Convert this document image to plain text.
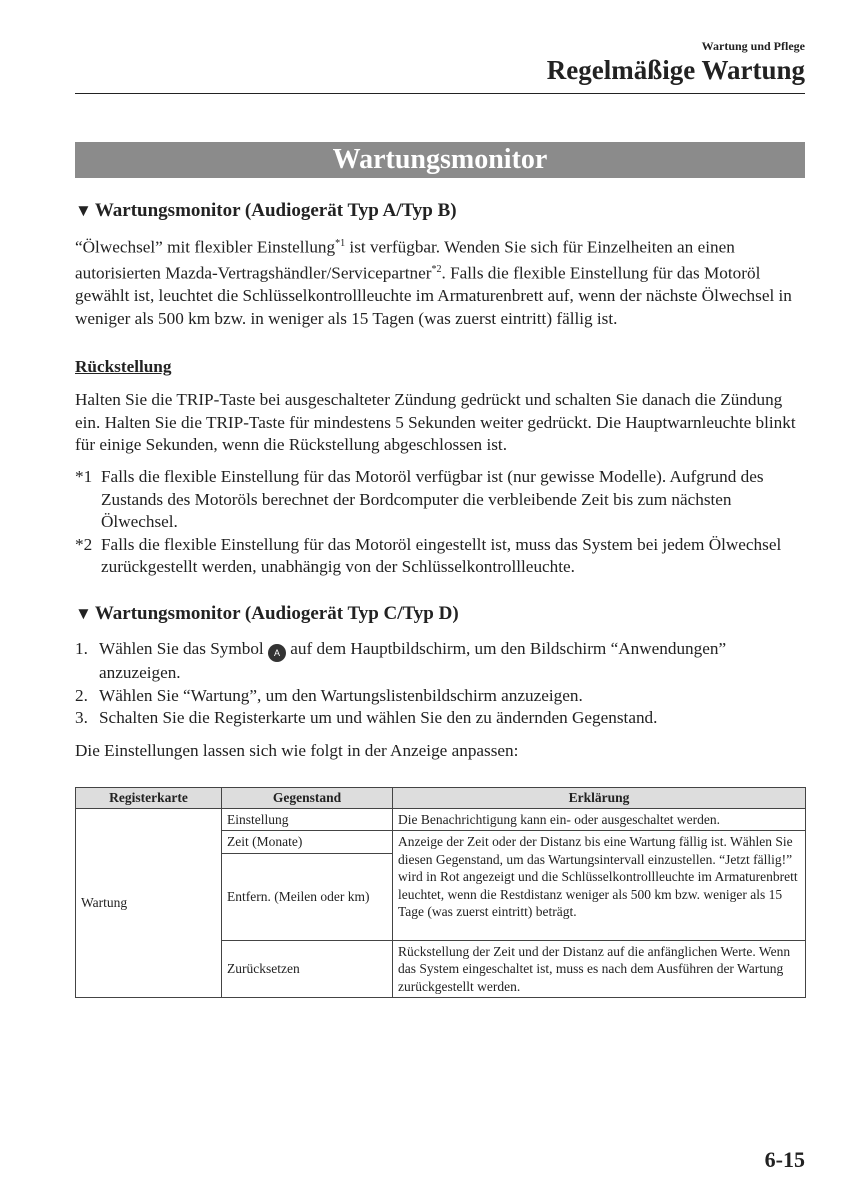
Wartung und Pflege
Regelmäßige Wartung
Wartungsmonitor
▼ Wartungsmonitor (Audiogerät Typ A/Typ B)
“Ölwechsel” mit flexibler Einstellung$^{*1}$ ist verfügbar. Wenden Sie sich für Einzelheiten an einen autorisierten Mazda-Vertragshändler/Servicepartner$^{*2}$. Falls die flexible Einstellung für das Motoröl gewählt ist, leuchtet die Schlüsselkontrollleuchte im Armaturenbrett auf, wenn der nächste Ölwechsel in weniger als 500 km bzw. in weniger als 15 Tagen (was zuerst eintritt) fällig ist.
Rückstellung
Halten Sie die TRIP-Taste bei ausgeschalteter Zündung gedrückt und schalten Sie danach die Zündung ein. Halten Sie die TRIP-Taste für mindestens 5 Sekunden weiter gedrückt. Die Hauptwarnleuchte blinkt für einige Sekunden, wenn die Rückstellung abgeschlossen ist.
*1 Falls die flexible Einstellung für das Motoröl verfügbar ist (nur gewisse Modelle). Aufgrund des Zustands des Motoröls berechnet der Bordcomputer die verbleibende Zeit bis zum nächsten Ölwechsel.
*2 Falls die flexible Einstellung für das Motoröl eingestellt ist, muss das System bei jedem Ölwechsel zurückgestellt werden, unabhängig von der Schlüsselkontrollleuchte.
▼ Wartungsmonitor (Audiogerät Typ C/Typ D)
1. Wählen Sie das Symbol A auf dem Hauptbildschirm, um den Bildschirm “Anwendungen” anzuzeigen.
2. Wählen Sie “Wartung”, um den Wartungslistenbildschirm anzuzeigen.
3. Schalten Sie die Registerkarte um und wählen Sie den zu ändernden Gegenstand.
Die Einstellungen lassen sich wie folgt in der Anzeige anpassen:
Registerkarte	Gegenstand	Erklärung
Wartung	Einstellung	Die Benachrichtigung kann ein- oder ausgeschaltet werden.
	Zeit (Monate)	Anzeige der Zeit oder der Distanz bis eine Wartung fällig ist. Wählen Sie diesen Gegenstand, um das Wartungsintervall einzustellen. “Jetzt fällig!” wird in Rot angezeigt und die Schlüsselkontrollleuchte im Armaturenbrett leuchtet, wenn die Restdistanz weniger als 500 km bzw. weniger als 15 Tage (was zuerst eintritt) beträgt.
	Entfern. (Meilen oder km)	
	Zurücksetzen	Rückstellung der Zeit und der Distanz auf die anfänglichen Werte. Wenn das System eingeschaltet ist, muss es nach dem Ausführen der Wartung zurückgestellt werden.
6-15
